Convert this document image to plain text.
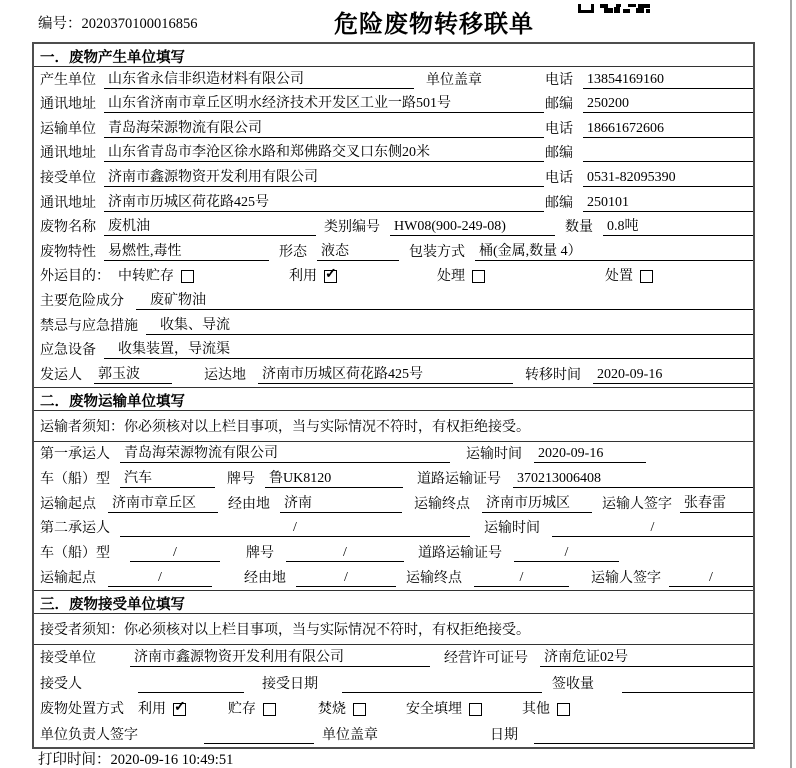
编号：2020370100016856	危险废物转移联单
一．废物产生单位填写
产生单位 山东省永信非织造材料有限公司	单位盖章	电话 13854169160
通讯地址 山东省济南市章丘区明水经济技术开发区工业一路501号	邮编 250200
运输单位 青岛海荣源物流有限公司	电话 18661672606
通讯地址 山东省青岛市李沧区徐水路和郑佛路交叉口东侧20米	邮编
接受单位 济南市鑫源物资开发利用有限公司	电话 0531-82095390
通讯地址 济南市历城区荷花路425号	邮编 250101
废物名称 废机油	类别编号 HW08(900-249-08)	数量 0.8吨
废物特性 易燃性,毒性	形态 液态	包装方式 桶(金属,数量 4）
外运目的： 中转贮存	利用 ✓	处理	处置
主要危险成分	废矿物油
禁忌与应急措施	收集、导流
应急设备	收集装置，导流渠
发运人 郭玉波	运达地 济南市历城区荷花路425号	转移时间 2020-09-16
二．废物运输单位填写
运输者须知：你必须核对以上栏目事项，当与实际情况不符时，有权拒绝接受。
第一承运人 青岛海荣源物流有限公司	运输时间 2020-09-16
车（船）型 汽车	牌号 鲁UK8120	道路运输证号 370213006408
运输起点 济南市章丘区	经由地 济南	运输终点 济南市历城区	运输人签字 张春雷
第二承运人	/	运输时间	/
车（船）型	/	牌号	/	道路运输证号	/
运输起点	/	经由地	/	运输终点	/	运输人签字	/
三．废物接受单位填写
接受者须知：你必须核对以上栏目事项，当与实际情况不符时，有权拒绝接受。
接受单位	济南市鑫源物资开发利用有限公司	经营许可证号 济南危证02号
接受人	接受日期	签收量
废物处置方式 利用 ✓	贮存	焚烧	安全填埋	其他
单位负责人签字	单位盖章	日期
打印时间：2020-09-16 10:49:51
